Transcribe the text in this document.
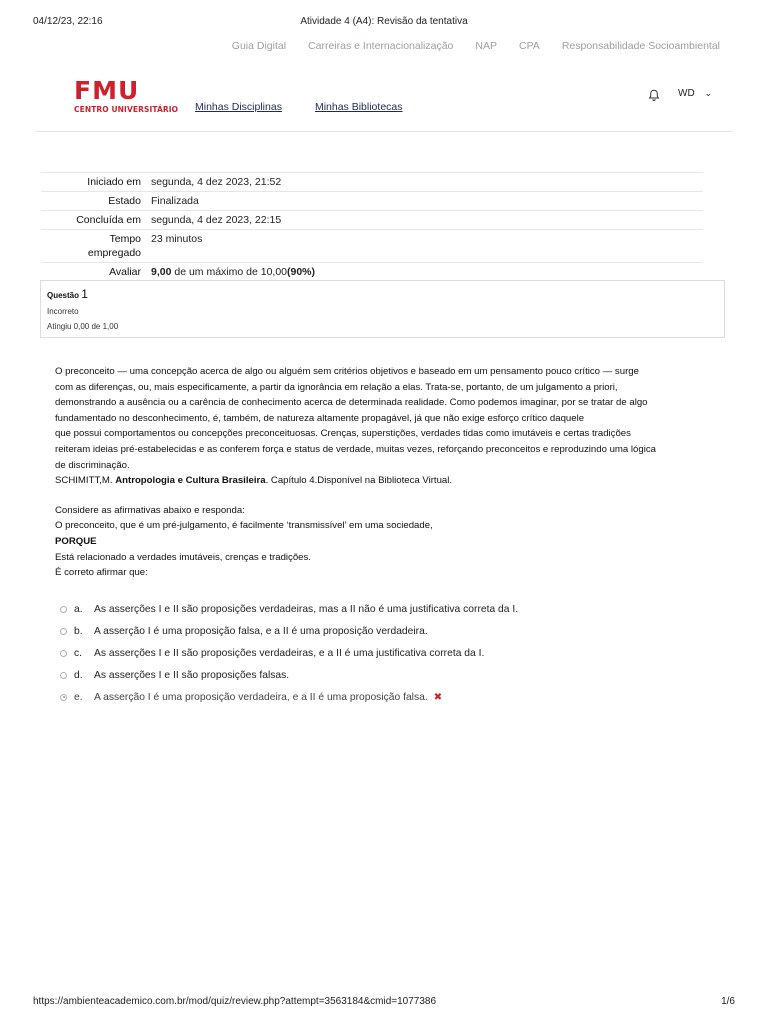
04/12/23, 22:16	Atividade 4 (A4): Revisão da tentativa
Guia Digital Carreiras e Internacionalização NAP CPA Responsabilidade Socioambiental
FMU
CENTRO UNIVERSITÁRIO Minhas Disciplinas	Minhas Bibliotecas
WD ⌄
Iniciado em	segunda, 4 dez 2023, 21:52
Estado	Finalizada
Concluída em	segunda, 4 dez 2023, 22:15
Tempo
empregado	23 minutos
Avaliar	9,00 de um máximo de 10,00(90%)
Questão 1
Incorreto
Atingiu 0,00 de 1,00

O preconceito — uma concepção acerca de algo ou alguém sem critérios objetivos e baseado em um pensamento pouco crítico — surge

com as diferenças, ou, mais especificamente, a partir da ignorância em relação a elas. Trata-se, portanto, de um julgamento a priori,

demonstrando a ausência ou a carência de conhecimento acerca de determinada realidade. Como podemos imaginar, por se tratar de algo

fundamentado no desconhecimento, é, também, de natureza altamente propagável, já que não exige esforço crítico daquele

que possui comportamentos ou concepções preconceituosas. Crenças, superstições, verdades tidas como imutáveis e certas tradições

reiteram ideias pré-estabelecidas e as conferem força e status de verdade, muitas vezes, reforçando preconceitos e reproduzindo uma lógica

de discriminação.

SCHIMITT,M. Antropologia e Cultura Brasileira. Capítulo 4.Disponível na Biblioteca Virtual.

Considere as afirmativas abaixo e responda:

O preconceito, que é um pré-julgamento, é facilmente ‘transmissível’ em uma sociedade,

PORQUE

Está relacionado a verdades imutáveis, crenças e tradições.

É correto afirmar que:

a.	As asserções I e II são proposições verdadeiras, mas a II não é uma justificativa correta da I.
b.	A asserção I é uma proposição falsa, e a II é uma proposição verdadeira.
c.	As asserções I e II são proposições verdadeiras, e a II é uma justificativa correta da I.
d.	As asserções I e II são proposições falsas.
e.	A asserção I é uma proposição verdadeira, e a II é uma proposição falsa. ✖
https://ambienteacademico.com.br/mod/quiz/review.php?attempt=3563184&cmid=1077386	1/6
